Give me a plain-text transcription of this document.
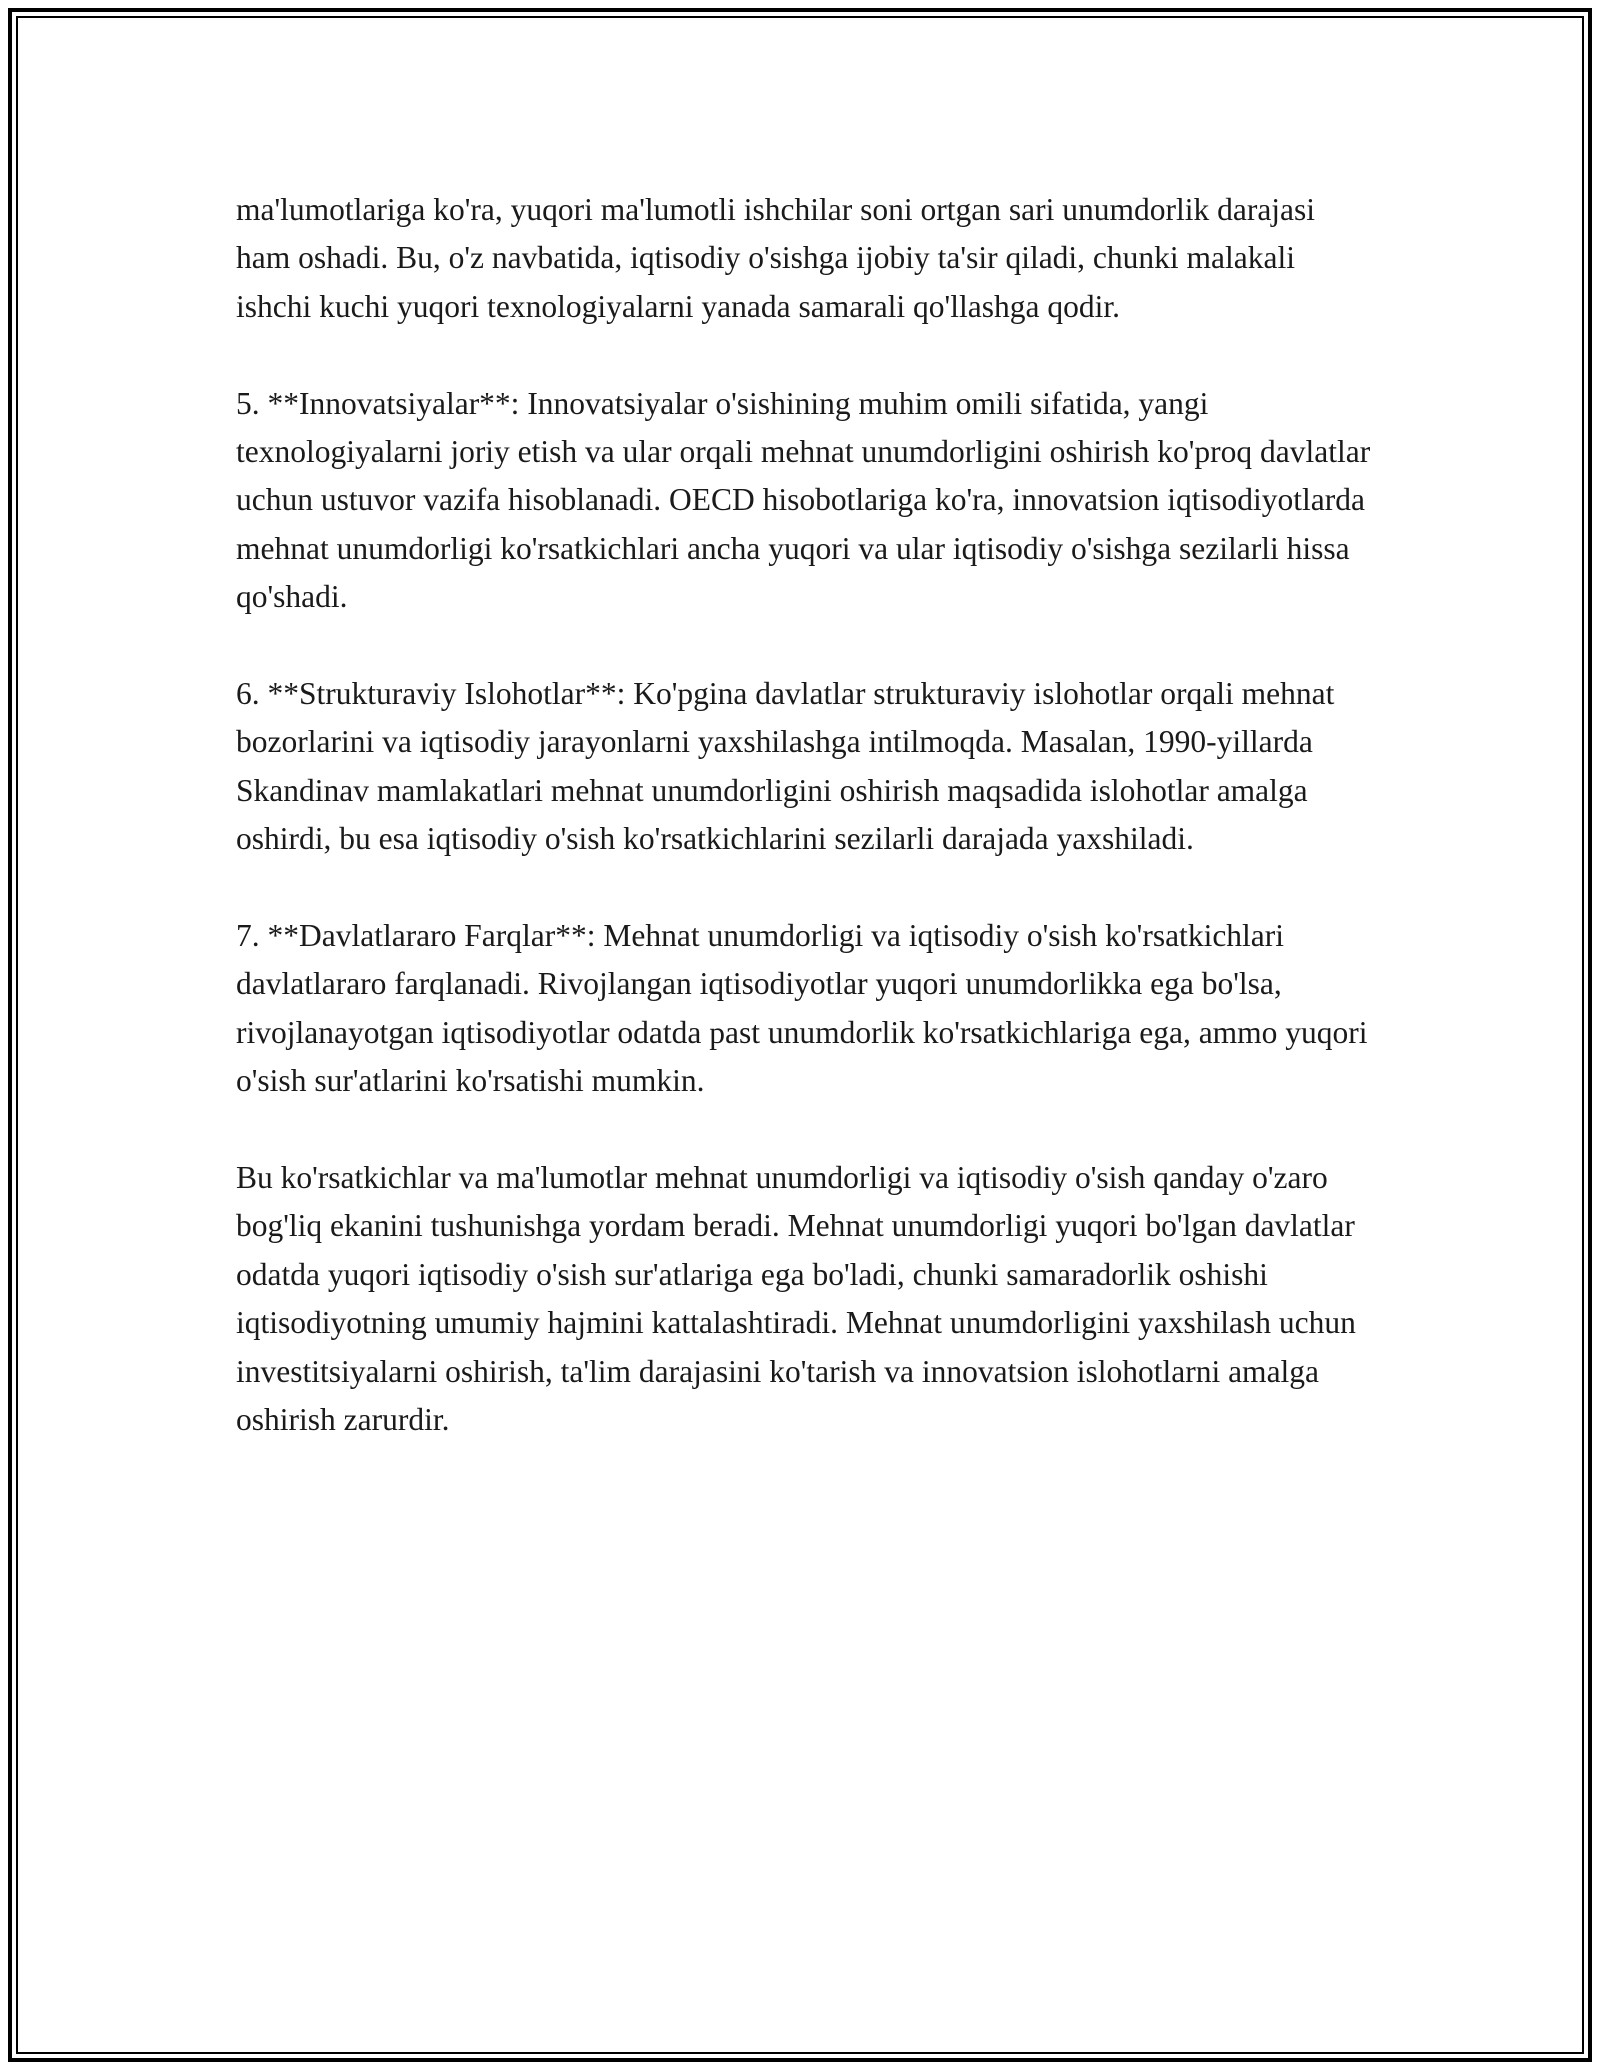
ma'lumotlariga ko'ra, yuqori ma'lumotli ishchilar soni ortgan sari unumdorlik darajasi ham oshadi. Bu, o'z navbatida, iqtisodiy o'sishga ijobiy ta'sir qiladi, chunki malakali ishchi kuchi yuqori texnologiyalarni yanada samarali qo'llashga qodir.

5. **Innovatsiyalar**: Innovatsiyalar o'sishining muhim omili sifatida, yangi texnologiyalarni joriy etish va ular orqali mehnat unumdorligini oshirish ko'proq davlatlar uchun ustuvor vazifa hisoblanadi. OECD hisobotlariga ko'ra, innovatsion iqtisodiyotlarda mehnat unumdorligi ko'rsatkichlari ancha yuqori va ular iqtisodiy o'sishga sezilarli hissa qo'shadi.

6. **Strukturaviy Islohotlar**: Ko'pgina davlatlar strukturaviy islohotlar orqali mehnat bozorlarini va iqtisodiy jarayonlarni yaxshilashga intilmoqda. Masalan, 1990-yillarda Skandinav mamlakatlari mehnat unumdorligini oshirish maqsadida islohotlar amalga oshirdi, bu esa iqtisodiy o'sish ko'rsatkichlarini sezilarli darajada yaxshiladi.

7. **Davlatlararo Farqlar**: Mehnat unumdorligi va iqtisodiy o'sish ko'rsatkichlari davlatlararo farqlanadi. Rivojlangan iqtisodiyotlar yuqori unumdorlikka ega bo'lsa, rivojlanayotgan iqtisodiyotlar odatda past unumdorlik ko'rsatkichlariga ega, ammo yuqori o'sish sur'atlarini ko'rsatishi mumkin.

Bu ko'rsatkichlar va ma'lumotlar mehnat unumdorligi va iqtisodiy o'sish qanday o'zaro bog'liq ekanini tushunishga yordam beradi. Mehnat unumdorligi yuqori bo'lgan davlatlar odatda yuqori iqtisodiy o'sish sur'atlariga ega bo'ladi, chunki samaradorlik oshishi iqtisodiyotning umumiy hajmini kattalashtiradi. Mehnat unumdorligini yaxshilash uchun investitsiyalarni oshirish, ta'lim darajasini ko'tarish va innovatsion islohotlarni amalga oshirish zarurdir.
